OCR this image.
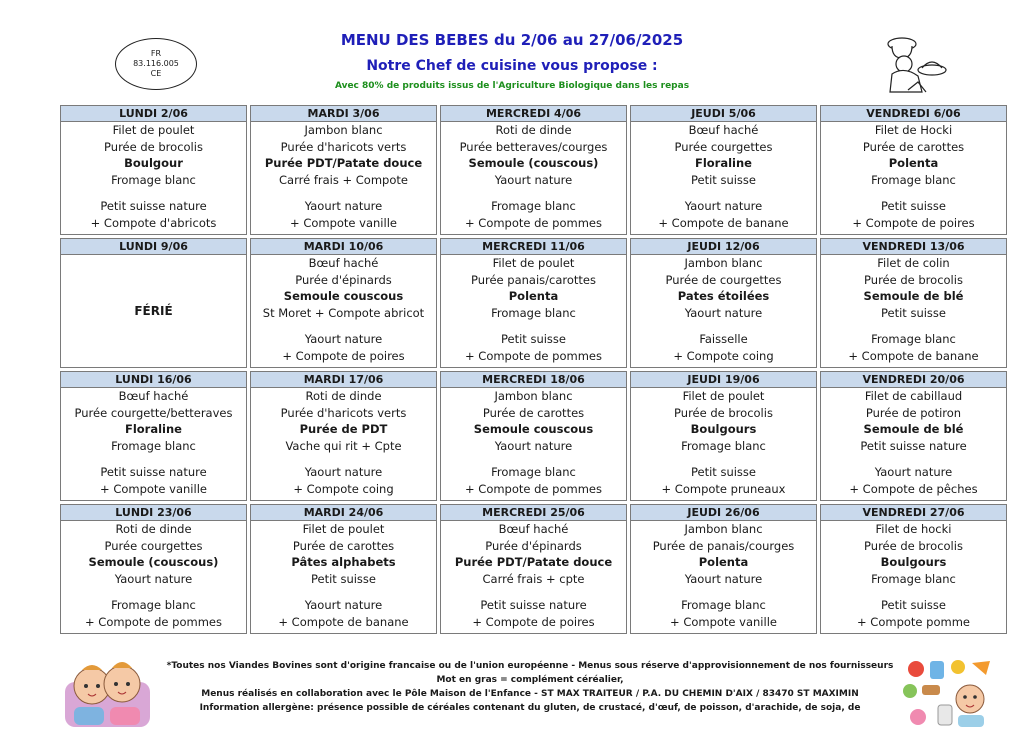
FR
83.116.005
CE
MENU DES BEBES du 2/06 au 27/06/2025
Notre Chef de cuisine vous propose :
Avec 80% de produits issus de l'Agriculture Biologique dans les repas
LUNDI 2/06
Filet de poulet
Purée de brocolis
Boulgour
Fromage blanc
Petit suisse nature
+ Compote d'abricots
MARDI 3/06
Jambon blanc
Purée d'haricots verts
Purée PDT/Patate douce
Carré frais + Compote
Yaourt nature
+ Compote vanille
MERCREDI 4/06
Roti de dinde
Purée betteraves/courges
Semoule (couscous)
Yaourt nature
Fromage blanc
+ Compote de pommes
JEUDI 5/06
Bœuf haché
Purée courgettes
Floraline
Petit suisse
Yaourt nature
+ Compote de banane
VENDREDI 6/06
Filet de Hocki
Purée de carottes
Polenta
Fromage blanc
Petit suisse
+ Compote de poires
LUNDI 9/06
FÉRIÉ
MARDI 10/06
Bœuf haché
Purée d'épinards
Semoule couscous
St Moret + Compote abricot
Yaourt nature
+ Compote de poires
MERCREDI 11/06
Filet de poulet
Purée panais/carottes
Polenta
Fromage blanc
Petit suisse
+ Compote de pommes
JEUDI 12/06
Jambon blanc
Purée de courgettes
Pates étoilées
Yaourt nature
Faisselle
+ Compote coing
VENDREDI 13/06
Filet de colin
Purée de brocolis
Semoule de blé
Petit suisse
Fromage blanc
+ Compote de banane
LUNDI 16/06
Bœuf haché
Purée courgette/betteraves
Floraline
Fromage blanc
Petit suisse nature
+ Compote vanille
MARDI 17/06
Roti de dinde
Purée d'haricots verts
Purée de PDT
Vache qui rit + Cpte
Yaourt nature
+ Compote coing
MERCREDI 18/06
Jambon blanc
Purée de carottes
Semoule couscous
Yaourt nature
Fromage blanc
+ Compote de pommes
JEUDI 19/06
Filet de poulet
Purée de brocolis
Boulgours
Fromage blanc
Petit suisse
+ Compote pruneaux
VENDREDI 20/06
Filet de cabillaud
Purée de potiron
Semoule de blé
Petit suisse nature
Yaourt nature
+ Compote de pêches
LUNDI 23/06
Roti de dinde
Purée courgettes
Semoule (couscous)
Yaourt nature
Fromage blanc
+ Compote de pommes
MARDI 24/06
Filet de poulet
Purée de carottes
Pâtes alphabets
Petit suisse
Yaourt nature
+ Compote de banane
MERCREDI 25/06
Bœuf haché
Purée d'épinards
Purée PDT/Patate douce
Carré frais + cpte
Petit suisse nature
+ Compote de poires
JEUDI 26/06
Jambon blanc
Purée de panais/courges
Polenta
Yaourt nature
Fromage blanc
+ Compote vanille
VENDREDI 27/06
Filet de hocki
Purée de brocolis
Boulgours
Fromage blanc
Petit suisse
+ Compote pomme
*Toutes nos Viandes Bovines sont d'origine francaise ou de l'union européenne - Menus sous réserve d'approvisionnement de nos fournisseurs
Mot en gras = complément céréalier,
Menus réalisés en collaboration avec le Pôle Maison de l'Enfance - ST MAX TRAITEUR / P.A. DU CHEMIN D'AIX / 83470 ST MAXIMIN
Information allergène: présence possible de céréales contenant du gluten, de crustacé, d'œuf, de poisson, d'arachide, de soja, de
